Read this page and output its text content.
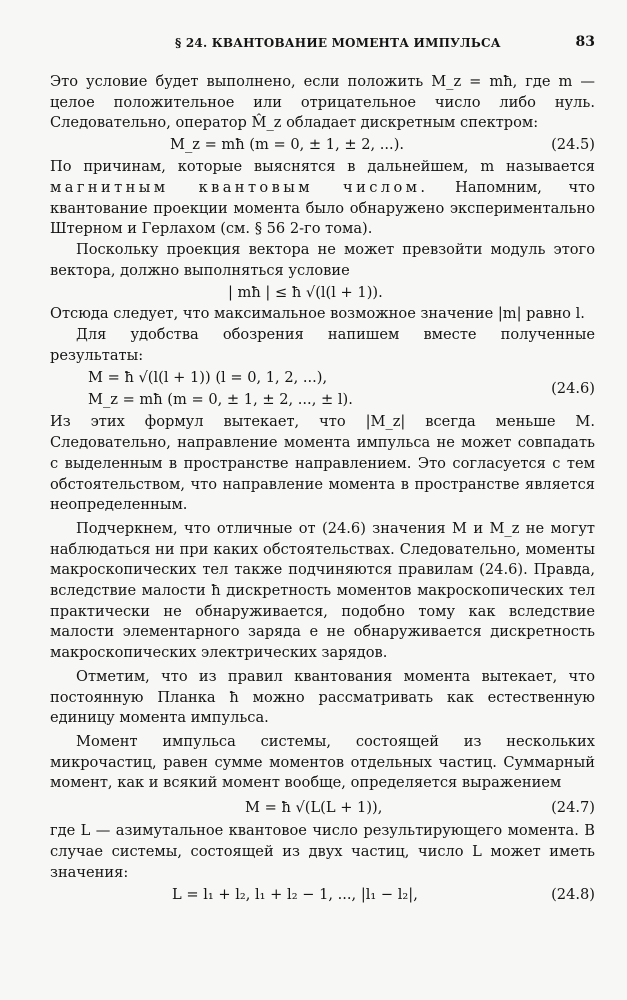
§ 24. КВАНТОВАНИЕ МОМЕНТА ИМПУЛЬСА	83

Это условие будет выполнено, если положить M_z = mħ, где m — целое положительное или отрицательное число либо нуль. Следовательно, оператор M̂_z обладает дискретным спектром:

M_z = mħ (m = 0, ± 1, ± 2, ...).	(24.5)

По причинам, которые выяснятся в дальнейшем, m называется магнитным квантовым числом. Напомним, что квантование проекции момента было обнаружено экспериментально Штерном и Герлахом (см. § 56 2-го тома).

Поскольку проекция вектора не может превзойти модуль этого вектора, должно выполняться условие

| mħ | ≤ ħ √(l(l + 1)).

Отсюда следует, что максимальное возможное значение |m| равно l.

Для удобства обозрения напишем вместе полученные результаты:

M = ħ √(l(l + 1)) (l = 0, 1, 2, ...),
M_z = mħ (m = 0, ± 1, ± 2, ..., ± l).
(24.6)

Из этих формул вытекает, что |M_z| всегда меньше M. Следовательно, направление момента импульса не может совпадать с выделенным в пространстве направлением. Это согласуется с тем обстоятельством, что направление момента в пространстве является неопределенным.

Подчеркнем, что отличные от (24.6) значения M и M_z не могут наблюдаться ни при каких обстоятельствах. Следовательно, моменты макроскопических тел также подчиняются правилам (24.6). Правда, вследствие малости ħ дискретность моментов макроскопических тел практически не обнаруживается, подобно тому как вследствие малости элементарного заряда e не обнаруживается дискретность макроскопических электрических зарядов.

Отметим, что из правил квантования момента вытекает, что постоянную Планка ħ можно рассматривать как естественную единицу момента импульса.

Момент импульса системы, состоящей из нескольких микрочастиц, равен сумме моментов отдельных частиц. Суммарный момент, как и всякий момент вообще, определяется выражением

M = ħ √(L(L + 1)),	(24.7)

где L — азимутальное квантовое число результирующего момента. В случае системы, состоящей из двух частиц, число L может иметь значения:

L = l₁ + l₂, l₁ + l₂ − 1, ..., |l₁ − l₂|,	(24.8)
